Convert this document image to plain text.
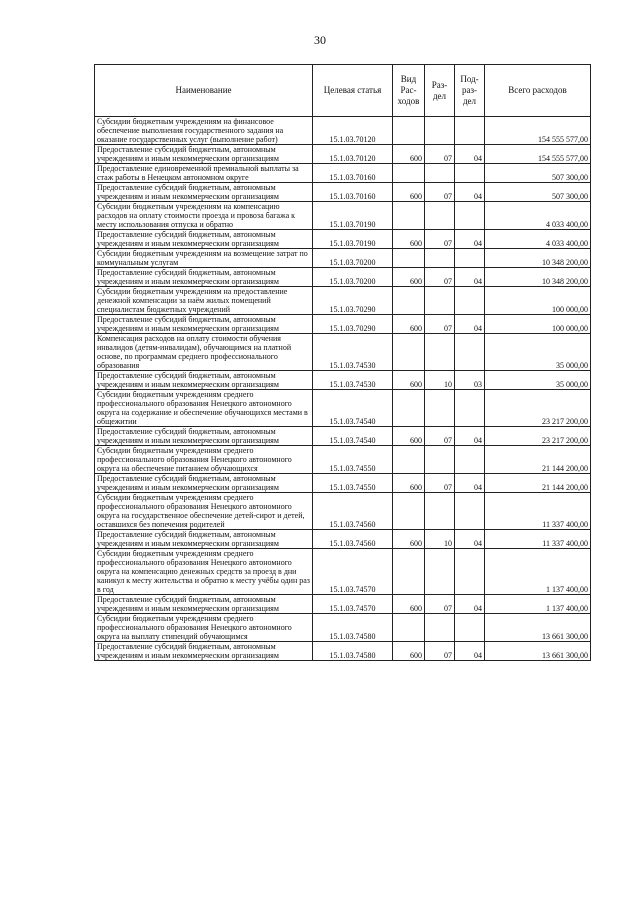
30
Наименование	Целевая статья	Вид Рас-ходов	Раз-дел	Под-раз-дел	Всего расходов
Субсидии бюджетным учреждениям на финансовое обеспечение выполнения государственного задания на оказание государственных услуг (выполнение работ)	15.1.03.70120				154 555 577,00
Предоставление субсидий бюджетным, автономным учреждениям и иным некоммерческим организациям	15.1.03.70120	600	07	04	154 555 577,00
Предоставление единовременной премиальной выплаты за стаж работы в Ненецком автономном округе	15.1.03.70160				507 300,00
Предоставление субсидий бюджетным, автономным учреждениям и иным некоммерческим организациям	15.1.03.70160	600	07	04	507 300,00
Субсидии бюджетным учреждениям на компенсацию расходов на оплату стоимости проезда и провоза багажа к месту использования отпуска и обратно	15.1.03.70190				4 033 400,00
Предоставление субсидий бюджетным, автономным учреждениям и иным некоммерческим организациям	15.1.03.70190	600	07	04	4 033 400,00
Субсидии бюджетным учреждениям на возмещение затрат по коммунальным услугам	15.1.03.70200				10 348 200,00
Предоставление субсидий бюджетным, автономным учреждениям и иным некоммерческим организациям	15.1.03.70200	600	07	04	10 348 200,00
Субсидии бюджетным учреждениям на предоставление денежной компенсации за наём жилых помещений специалистам бюджетных учреждений	15.1.03.70290				100 000,00
Предоставление субсидий бюджетным, автономным учреждениям и иным некоммерческим организациям	15.1.03.70290	600	07	04	100 000,00
Компенсация расходов на оплату стоимости обучения инвалидов (детям-инвалидам), обучающимся на платной основе, по программам среднего профессионального образования	15.1.03.74530				35 000,00
Предоставление субсидий бюджетным, автономным учреждениям и иным некоммерческим организациям	15.1.03.74530	600	10	03	35 000,00
Субсидии бюджетным учреждениям среднего профессионального образования Ненецкого автономного округа на содержание и обеспечение обучающихся местами в общежитии	15.1.03.74540				23 217 200,00
Предоставление субсидий бюджетным, автономным учреждениям и иным некоммерческим организациям	15.1.03.74540	600	07	04	23 217 200,00
Субсидии бюджетным учреждениям среднего профессионального образования Ненецкого автономного округа на обеспечение питанием обучающихся	15.1.03.74550				21 144 200,00
Предоставление субсидий бюджетным, автономным учреждениям и иным некоммерческим организациям	15.1.03.74550	600	07	04	21 144 200,00
Субсидии бюджетным учреждениям среднего профессионального образования Ненецкого автономного округа на государственное обеспечение детей-сирот и детей, оставшихся без попечения родителей	15.1.03.74560				11 337 400,00
Предоставление субсидий бюджетным, автономным учреждениям и иным некоммерческим организациям	15.1.03.74560	600	10	04	11 337 400,00
Субсидии бюджетным учреждениям среднего профессионального образования Ненецкого автономного округа на компенсацию денежных средств за проезд в дни каникул к месту жительства и обратно к месту учёбы один раз в год	15.1.03.74570				1 137 400,00
Предоставление субсидий бюджетным, автономным учреждениям и иным некоммерческим организациям	15.1.03.74570	600	07	04	1 137 400,00
Субсидии бюджетным учреждениям среднего профессионального образования Ненецкого автономного округа на выплату стипендий обучающимся	15.1.03.74580				13 661 300,00
Предоставление субсидий бюджетным, автономным учреждениям и иным некоммерческим организациям	15.1.03.74580	600	07	04	13 661 300,00
